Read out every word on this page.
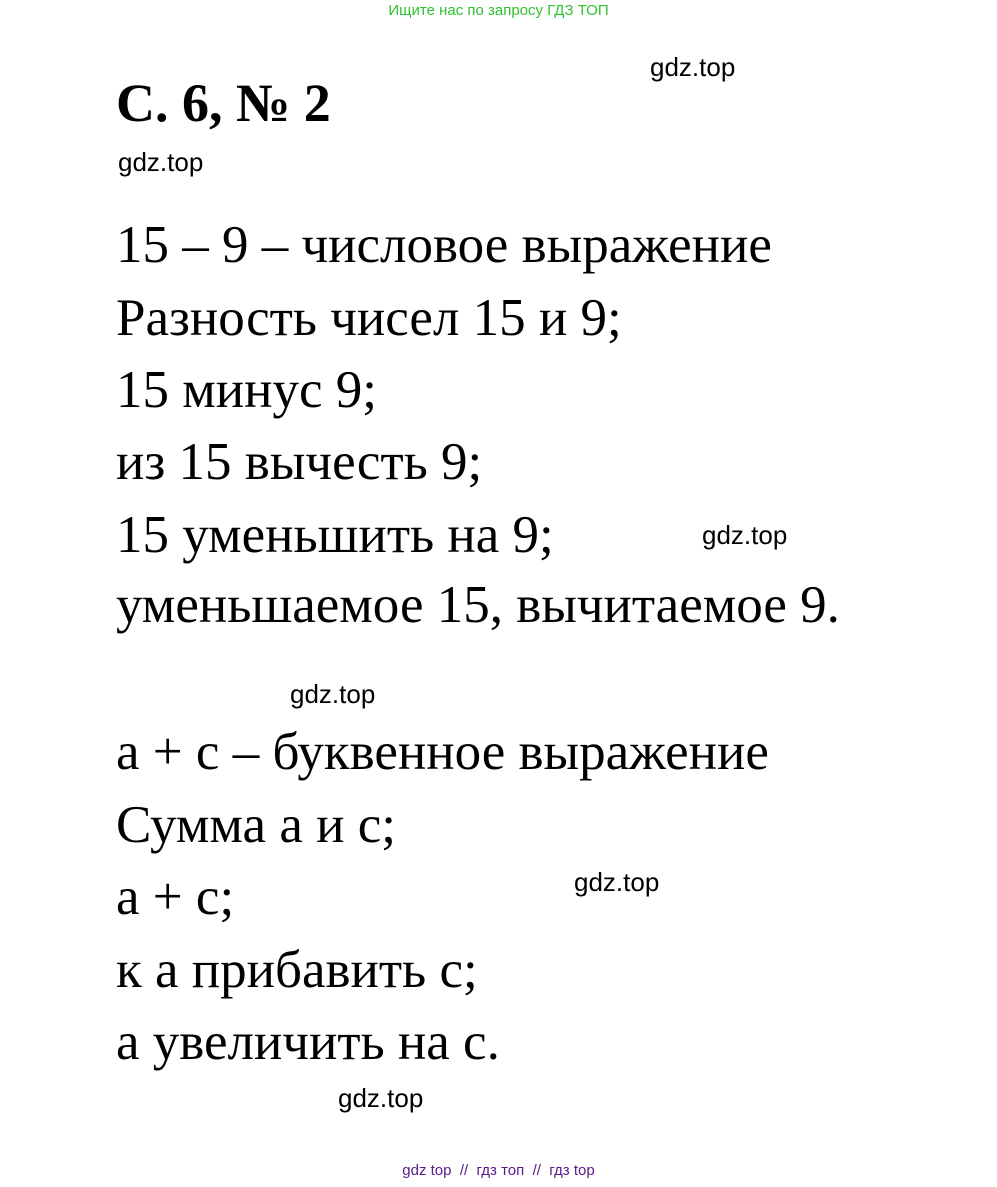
Ищите нас по запросу ГДЗ ТОП
С. 6, № 2
15 – 9 – числовое выражение
Разность чисел 15 и 9;
15 минус 9;
из 15 вычесть 9;
15 уменьшить на 9;
уменьшаемое 15, вычитаемое 9.
а + с – буквенное выражение
Сумма а и с;
а + с;
к а прибавить с;
а увеличить на с.
gdz.top
gdz.top
gdz.top
gdz.top
gdz.top
gdz.top
gdz top  //  гдз топ  //  гдз top
